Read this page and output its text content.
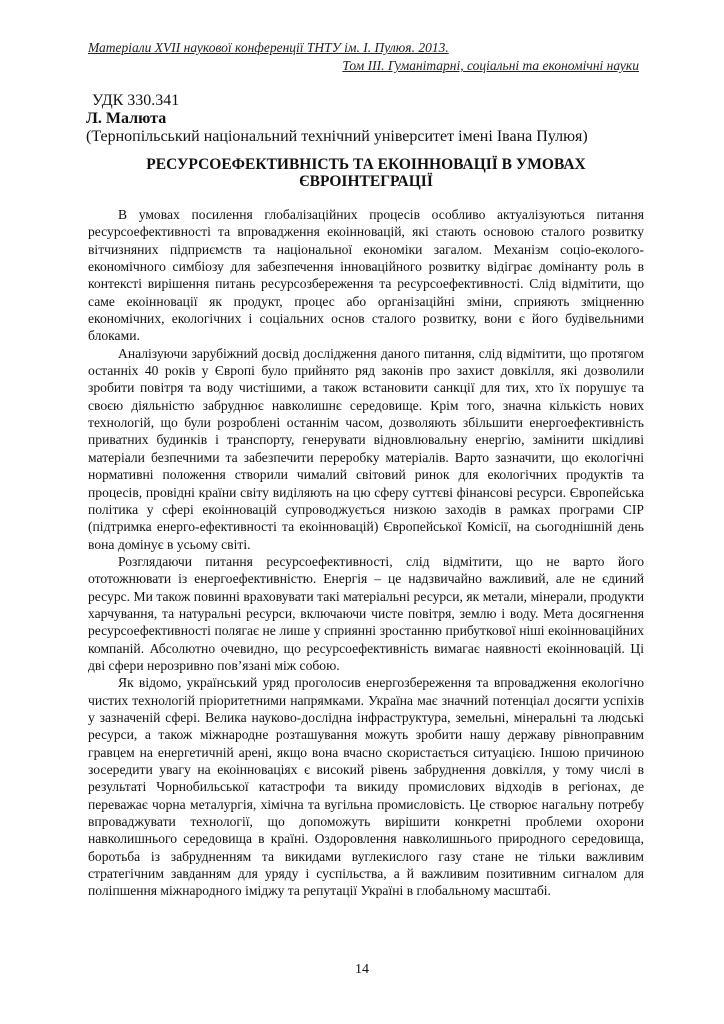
Матеріали XVII наукової конференції ТНТУ ім. І. Пулюя. 2013.
Том ІІІ. Гуманітарні, соціальні та економічні науки
УДК 330.341
Л. Малюта
(Тернопільський національний технічний університет імені Івана Пулюя)
РЕСУРСОЕФЕКТИВНІСТЬ ТА ЕКОІННОВАЦІЇ В УМОВАХ ЄВРОІНТЕГРАЦІЇ

В умовах посилення глобалізаційних процесів особливо актуалізуються питання ресурсоефективності та впровадження екоінновацій, які стають основою сталого розвитку вітчизняних підприємств та національної економіки загалом. Механізм соціо-еколого-економічного симбіозу для забезпечення інноваційного розвитку відіграє домінанту роль в контексті вирішення питань ресурсозбереження та ресурсоефективності. Слід відмітити, що саме екоінновації як продукт, процес або організаційні зміни, сприяють зміцненню економічних, екологічних і соціальних основ сталого розвитку, вони є його будівельними блоками.

Аналізуючи зарубіжний досвід дослідження даного питання, слід відмітити, що протягом останніх 40 років у Європі було прийнято ряд законів про захист довкілля, які дозволили зробити повітря та воду чистішими, а також встановити санкції для тих, хто їх порушує та своєю діяльністю забруднює навколишнє середовище. Крім того, значна кількість нових технологій, що були розроблені останнім часом, дозволяють збільшити енергоефективність приватних будинків і транспорту, генерувати відновлювальну енергію, замінити шкідливі матеріали безпечними та забезпечити переробку матеріалів. Варто зазначити, що екологічні нормативні положення створили чималий світовий ринок для екологічних продуктів та процесів, провідні країни світу виділяють на цю сферу суттєві фінансові ресурси. Європейська політика у сфері екоінновацій супроводжується низкою заходів в рамках програми CIP (підтримка енерго-ефективності та екоінновацій) Європейської Комісії, на сьогоднішній день вона домінує в усьому світі.

Розглядаючи питання ресурсоефективності, слід відмітити, що не варто його ототожнювати із енергоефективністю. Енергія – це надзвичайно важливий, але не єдиний ресурс. Ми також повинні враховувати такі матеріальні ресурси, як метали, мінерали, продукти харчування, та натуральні ресурси, включаючи чисте повітря, землю і воду. Мета досягнення ресурсоефективності полягає не лише у сприянні зростанню прибуткової ніші екоінноваційних компаній. Абсолютно очевидно, що ресурсоефективність вимагає наявності екоінновацій. Ці дві сфери нерозривно пов’язані між собою.

Як відомо, український уряд проголосив енергозбереження та впровадження екологічно чистих технологій пріоритетними напрямками. Україна має значний потенціал досягти успіхів у зазначеній сфері. Велика науково-дослідна інфраструктура, земельні, мінеральні та людські ресурси, а також міжнародне розташування можуть зробити нашу державу рівноправним гравцем на енергетичній арені, якщо вона вчасно скористається ситуацією. Іншою причиною зосередити увагу на екоінноваціях є високий рівень забруднення довкілля, у тому числі в результаті Чорнобильської катастрофи та викиду промислових відходів в регіонах, де переважає чорна металургія, хімічна та вугільна промисловість. Це створює нагальну потребу впроваджувати технології, що допоможуть вирішити конкретні проблеми охорони навколишнього середовища в країні. Оздоровлення навколишнього природного середовища, боротьба із забрудненням та викидами вуглекислого газу стане не тільки важливим стратегічним завданням для уряду і суспільства, а й важливим позитивним сигналом для поліпшення міжнародного іміджу та репутації Україні в глобальному масштабі.

14
